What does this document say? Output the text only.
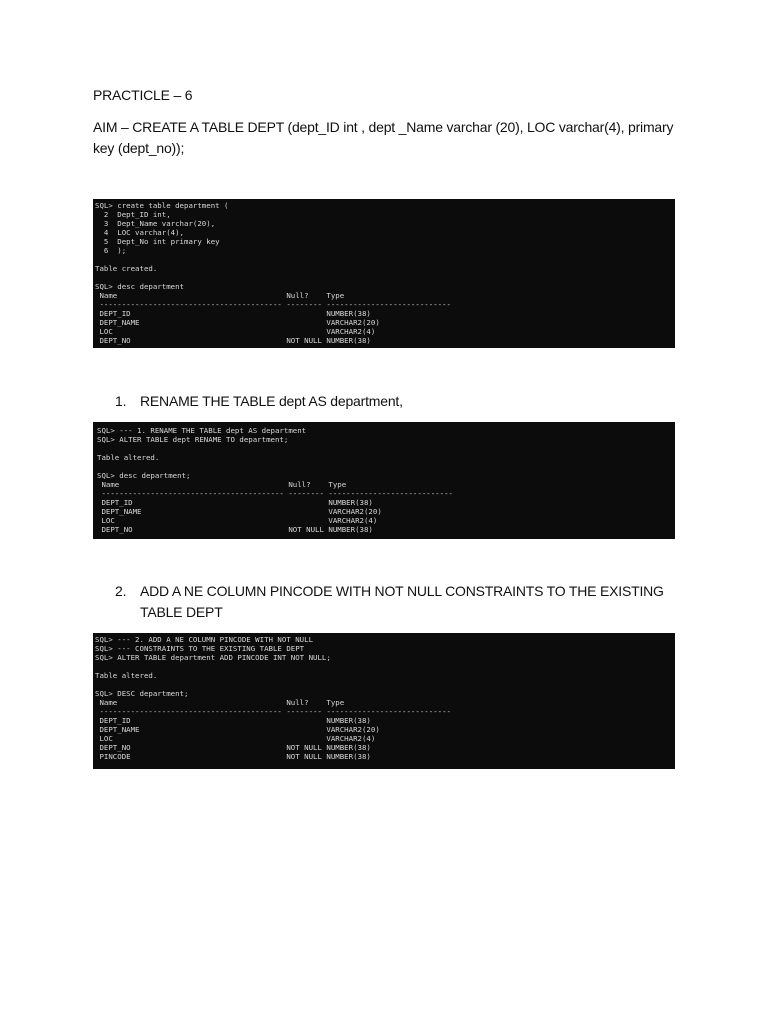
PRACTICLE – 6
AIM – CREATE A TABLE DEPT (dept_ID int , dept _Name varchar (20), LOC varchar(4), primary key (dept_no));
SQL> create table department (
2  Dept_ID int,
3  Dept_Name varchar(20),
4  LOC varchar(4),
5  Dept_No int primary key
6  );

Table created.

SQL> desc department
Name                                      Null?    Type
----------------------------------------- -------- ----------------------------
DEPT_ID                                            NUMBER(38)
DEPT_NAME                                          VARCHAR2(20)
LOC                                                VARCHAR2(4)
DEPT_NO                                   NOT NULL NUMBER(38)
1. RENAME THE TABLE dept AS department,
SQL> --- 1. RENAME THE TABLE dept AS department
SQL> ALTER TABLE dept RENAME TO department;

Table altered.

SQL> desc department;
Name                                      Null?    Type
----------------------------------------- -------- ----------------------------
DEPT_ID                                            NUMBER(38)
DEPT_NAME                                          VARCHAR2(20)
LOC                                                VARCHAR2(4)
DEPT_NO                                   NOT NULL NUMBER(38)
2. ADD A NE COLUMN PINCODE WITH NOT NULL CONSTRAINTS TO THE EXISTING TABLE DEPT
SQL> --- 2. ADD A NE COLUMN PINCODE WITH NOT NULL
SQL> --- CONSTRAINTS TO THE EXISTING TABLE DEPT
SQL> ALTER TABLE department ADD PINCODE INT NOT NULL;

Table altered.

SQL> DESC department;
Name                                      Null?    Type
----------------------------------------- -------- ----------------------------
DEPT_ID                                            NUMBER(38)
DEPT_NAME                                          VARCHAR2(20)
LOC                                                VARCHAR2(4)
DEPT_NO                                   NOT NULL NUMBER(38)
PINCODE                                   NOT NULL NUMBER(38)
